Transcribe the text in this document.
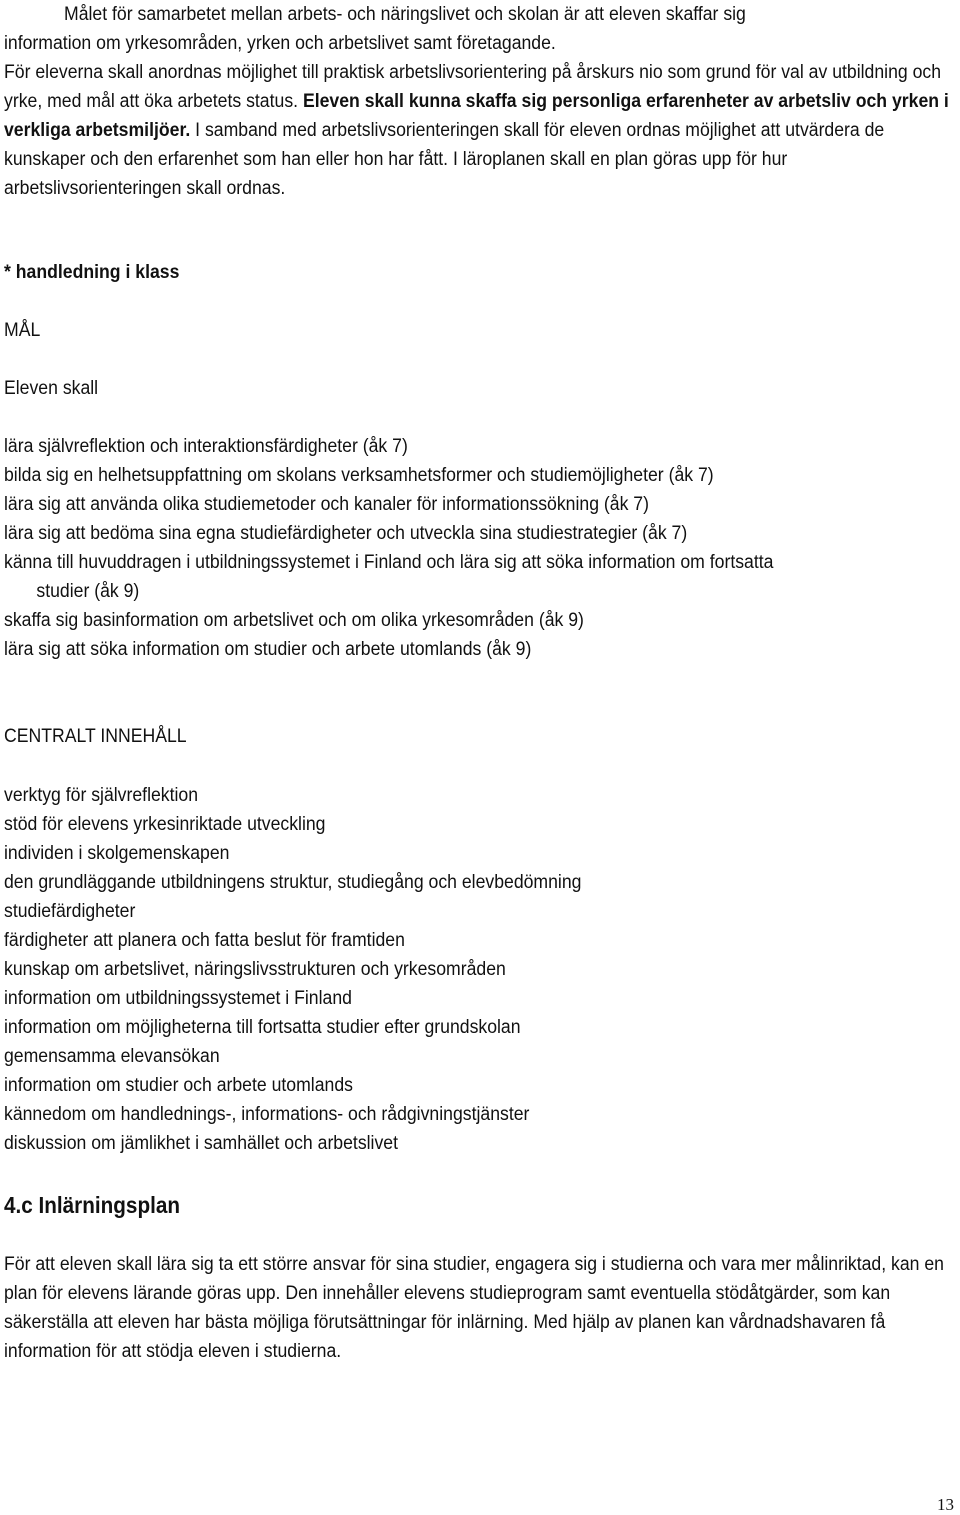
Målet för samarbetet mellan arbets- och näringslivet och skolan är att eleven skaffar sig

information om yrkesområden, yrken och arbetslivet samt företagande.

För eleverna skall anordnas möjlighet till praktisk arbetslivsorientering på årskurs nio som grund för val av utbildning och yrke, med mål att öka arbetets status. Eleven skall kunna skaffa sig personliga erfarenheter av arbetsliv och yrken i verkliga arbetsmiljöer. I samband med arbetslivsorienteringen skall för eleven ordnas möjlighet att utvärdera de kunskaper och den erfarenhet som han eller hon har fått. I läroplanen skall en plan göras upp för hur arbetslivsorienteringen skall ordnas.

* handledning i klass

MÅL
Eleven skall

lära självreflektion och interaktionsfärdigheter (åk 7)

bilda sig en helhetsuppfattning om skolans verksamhetsformer och studiemöjligheter (åk 7)

lära sig att använda olika studiemetoder och kanaler för informationssökning (åk 7)

lära sig att bedöma sina egna studiefärdigheter och utveckla sina studiestrategier (åk 7)

känna till huvuddragen i utbildningssystemet i Finland och lära sig att söka information om fortsatta

studier (åk 9)

skaffa sig basinformation om arbetslivet och om olika yrkesområden (åk 9)

lära sig att söka information om studier och arbete utomlands (åk 9)

CENTRALT INNEHÅLL

verktyg för självreflektion

stöd för elevens yrkesinriktade utveckling

individen i skolgemenskapen

den grundläggande utbildningens struktur, studiegång och elevbedömning

studiefärdigheter

färdigheter att planera och fatta beslut för framtiden

kunskap om arbetslivet, näringslivsstrukturen och yrkesområden

information om utbildningssystemet i Finland

information om möjligheterna till fortsatta studier efter grundskolan

gemensamma elevansökan

information om studier och arbete utomlands

kännedom om handlednings-, informations- och rådgivningstjänster

diskussion om jämlikhet i samhället och arbetslivet

4.c Inlärningsplan

För att eleven skall lära sig ta ett större ansvar för sina studier, engagera sig i studierna och vara mer målinriktad, kan en plan för elevens lärande göras upp. Den innehåller elevens studieprogram samt eventuella stödåtgärder, som kan säkerställa att eleven har bästa möjliga förutsättningar för inlärning. Med hjälp av planen kan vårdnadshavaren få information för att stödja eleven i studierna.

13
